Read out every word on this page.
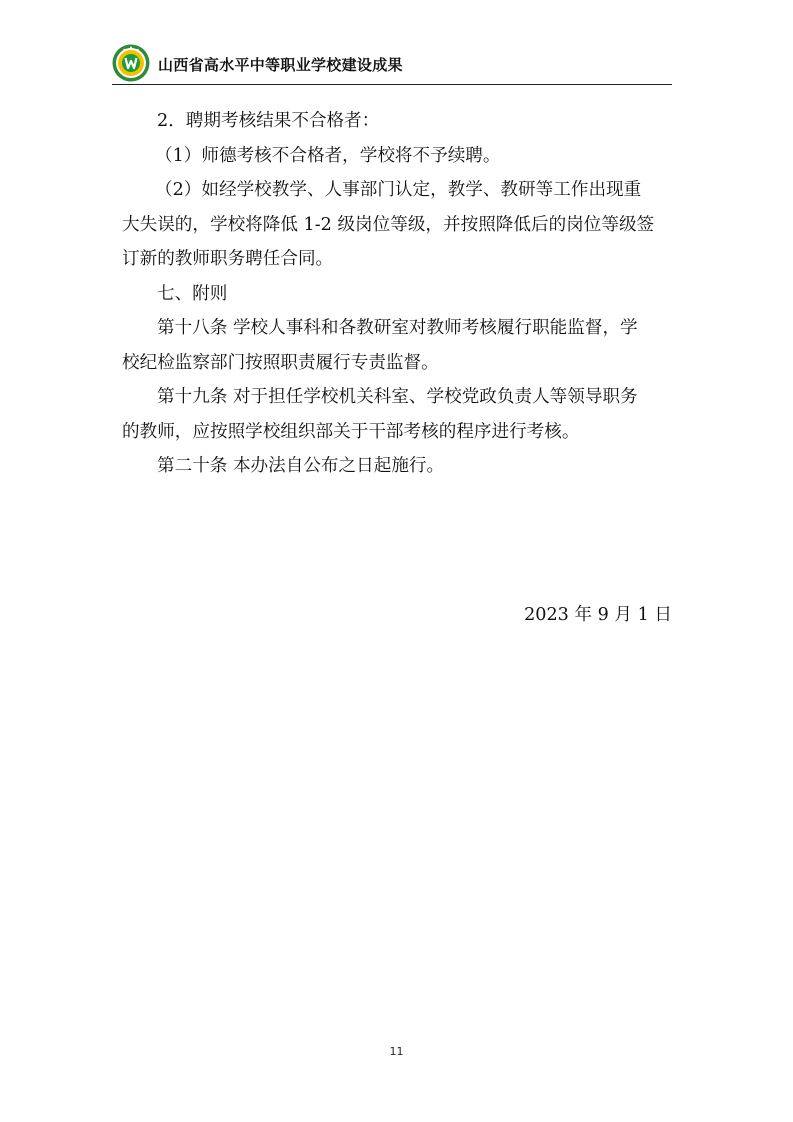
山西省高水平中等职业学校建设成果

2．聘期考核结果不合格者：

（1）师德考核不合格者，学校将不予续聘。

（2）如经学校教学、人事部门认定，教学、教研等工作出现重
大失误的，学校将降低 1-2 级岗位等级，并按照降低后的岗位等级签
订新的教师职务聘任合同。

七、附则

第十八条 学校人事科和各教研室对教师考核履行职能监督，学
校纪检监察部门按照职责履行专责监督。

第十九条 对于担任学校机关科室、学校党政负责人等领导职务
的教师，应按照学校组织部关于干部考核的程序进行考核。

第二十条 本办法自公布之日起施行。

2023 年 9 月 1 日
11
